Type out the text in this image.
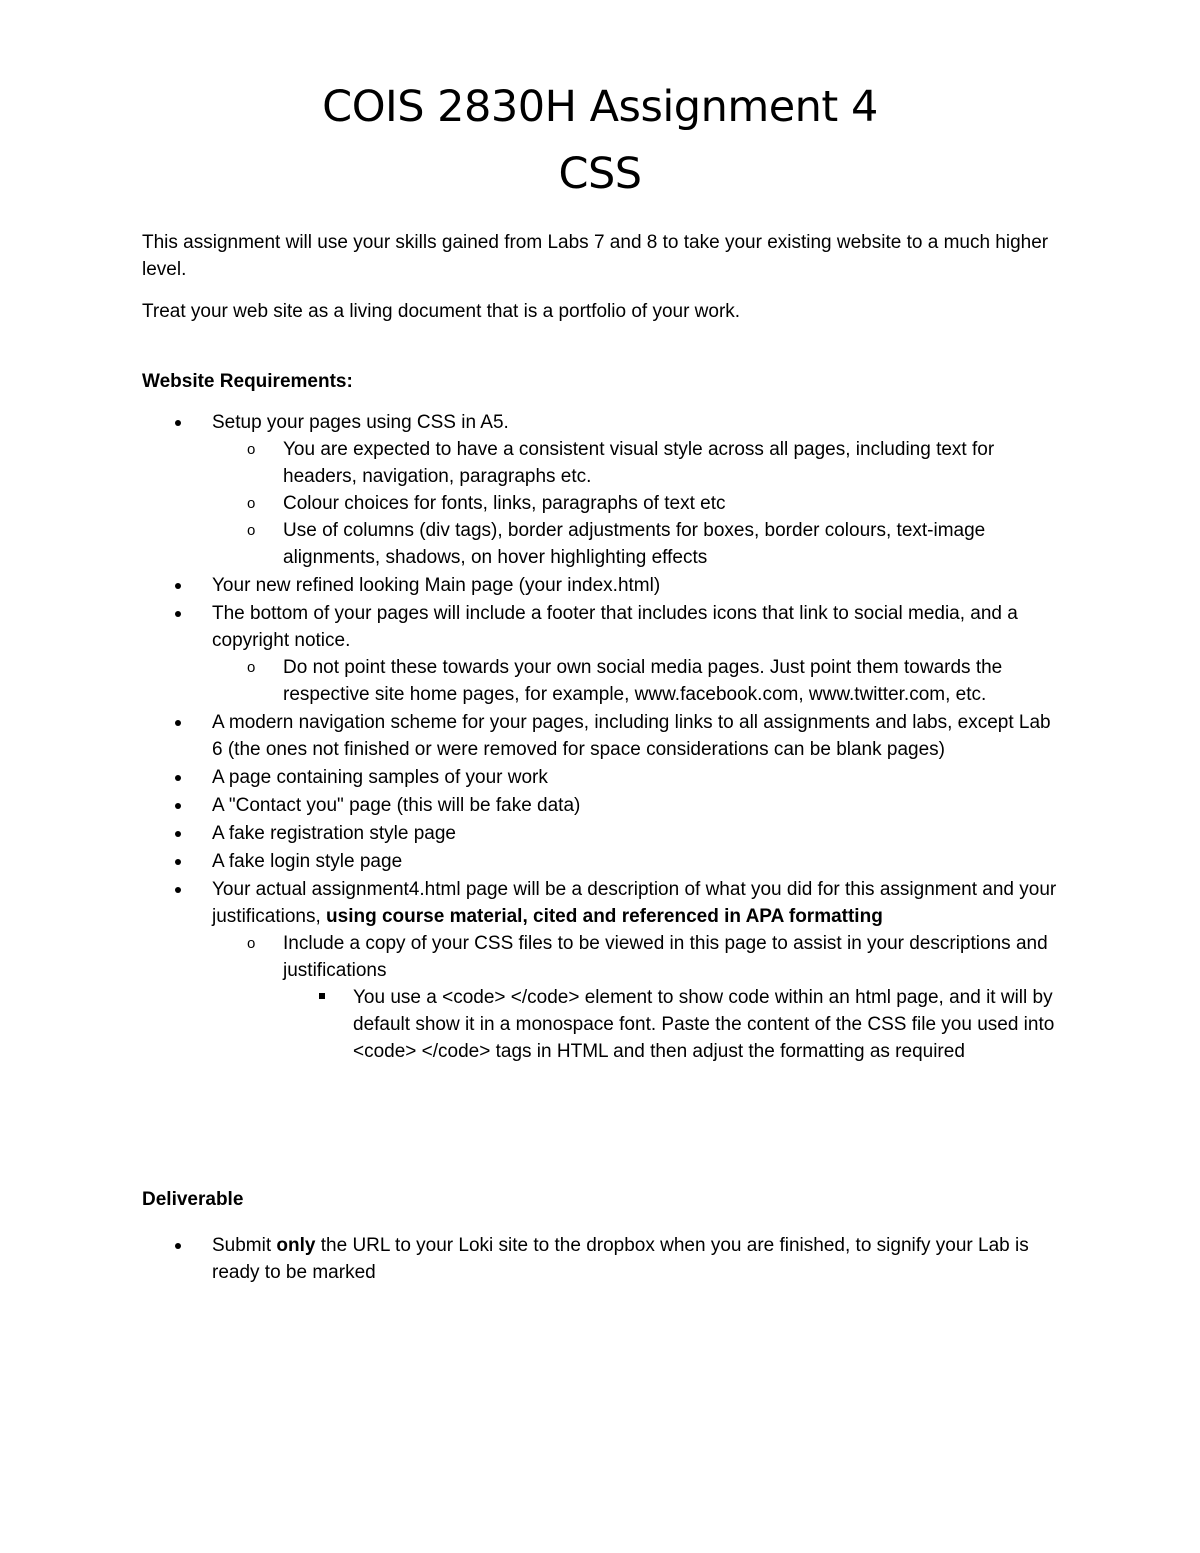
COIS 2830H Assignment 4
CSS
This assignment will use your skills gained from Labs 7 and 8 to take your existing website to a much higher level.
Treat your web site as a living document that is a portfolio of your work.
Website Requirements:
Setup your pages using CSS in A5.
o You are expected to have a consistent visual style across all pages, including text for headers, navigation, paragraphs etc.
o Colour choices for fonts, links, paragraphs of text etc
o Use of columns (div tags), border adjustments for boxes, border colours, text-image alignments, shadows, on hover highlighting effects
Your new refined looking Main page (your index.html)
The bottom of your pages will include a footer that includes icons that link to social media, and a copyright notice.
o Do not point these towards your own social media pages. Just point them towards the respective site home pages, for example, www.facebook.com, www.twitter.com, etc.
A modern navigation scheme for your pages, including links to all assignments and labs, except Lab 6 (the ones not finished or were removed for space considerations can be blank pages)
A page containing samples of your work
A "Contact you" page (this will be fake data)
A fake registration style page
A fake login style page
Your actual assignment4.html page will be a description of what you did for this assignment and your justifications, using course material, cited and referenced in APA formatting
o Include a copy of your CSS files to be viewed in this page to assist in your descriptions and justifications
You use a <code> </code> element to show code within an html page, and it will by default show it in a monospace font. Paste the content of the CSS file you used into <code> </code> tags in HTML and then adjust the formatting as required
Deliverable
Submit only the URL to your Loki site to the dropbox when you are finished, to signify your Lab is ready to be marked
